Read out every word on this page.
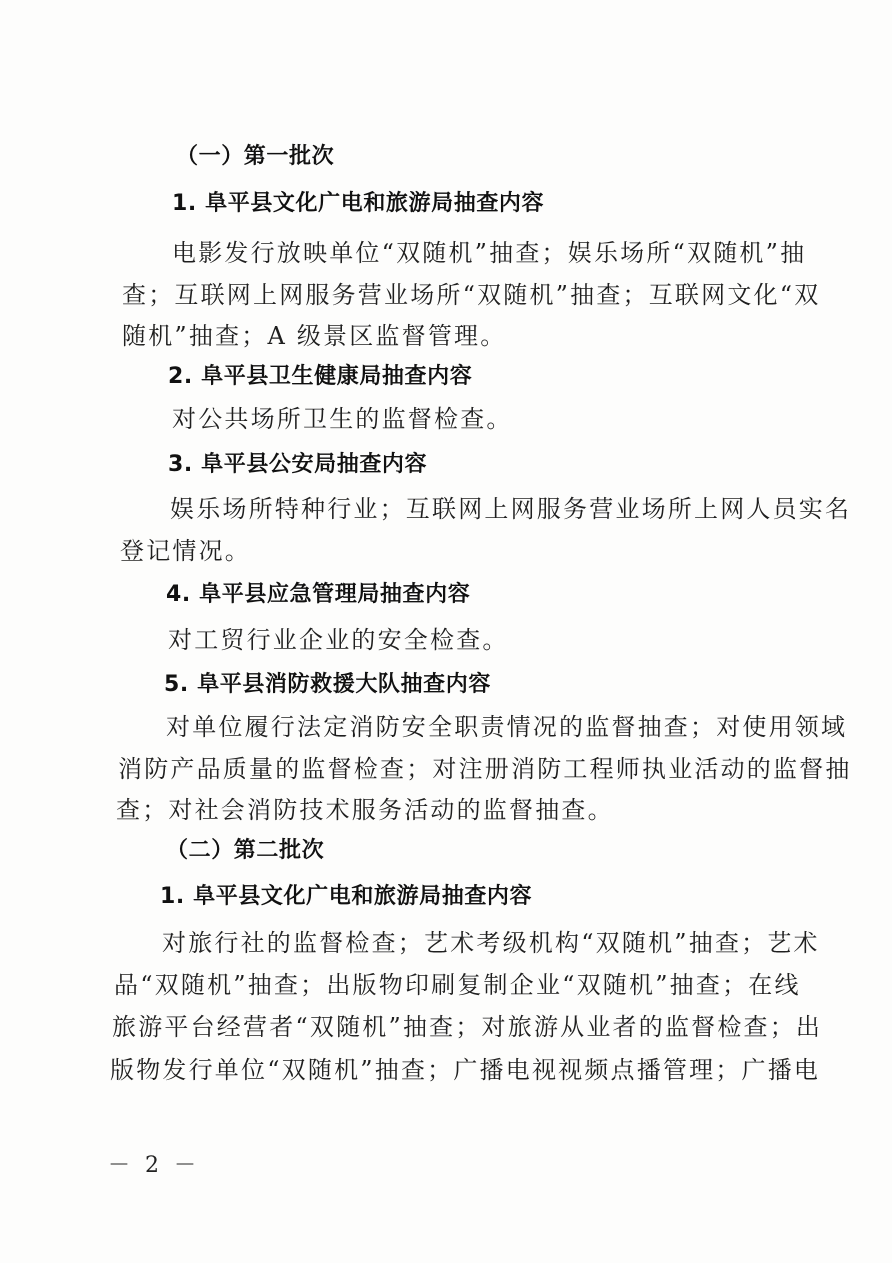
（一）第一批次
1. 阜平县文化广电和旅游局抽查内容
电影发行放映单位“双随机”抽查；娱乐场所“双随机”抽
查；互联网上网服务营业场所“双随机”抽查；互联网文化“双
随机”抽查；A 级景区监督管理。
2. 阜平县卫生健康局抽查内容
对公共场所卫生的监督检查。
3. 阜平县公安局抽查内容
娱乐场所特种行业；互联网上网服务营业场所上网人员实名
登记情况。
4. 阜平县应急管理局抽查内容
对工贸行业企业的安全检查。
5. 阜平县消防救援大队抽查内容
对单位履行法定消防安全职责情况的监督抽查；对使用领域
消防产品质量的监督检查；对注册消防工程师执业活动的监督抽
查；对社会消防技术服务活动的监督抽查。
（二）第二批次
1. 阜平县文化广电和旅游局抽查内容
对旅行社的监督检查；艺术考级机构“双随机”抽查；艺术
品“双随机”抽查；出版物印刷复制企业“双随机”抽查；在线
旅游平台经营者“双随机”抽查；对旅游从业者的监督检查；出
版物发行单位“双随机”抽查；广播电视视频点播管理；广播电
－ 2 －
